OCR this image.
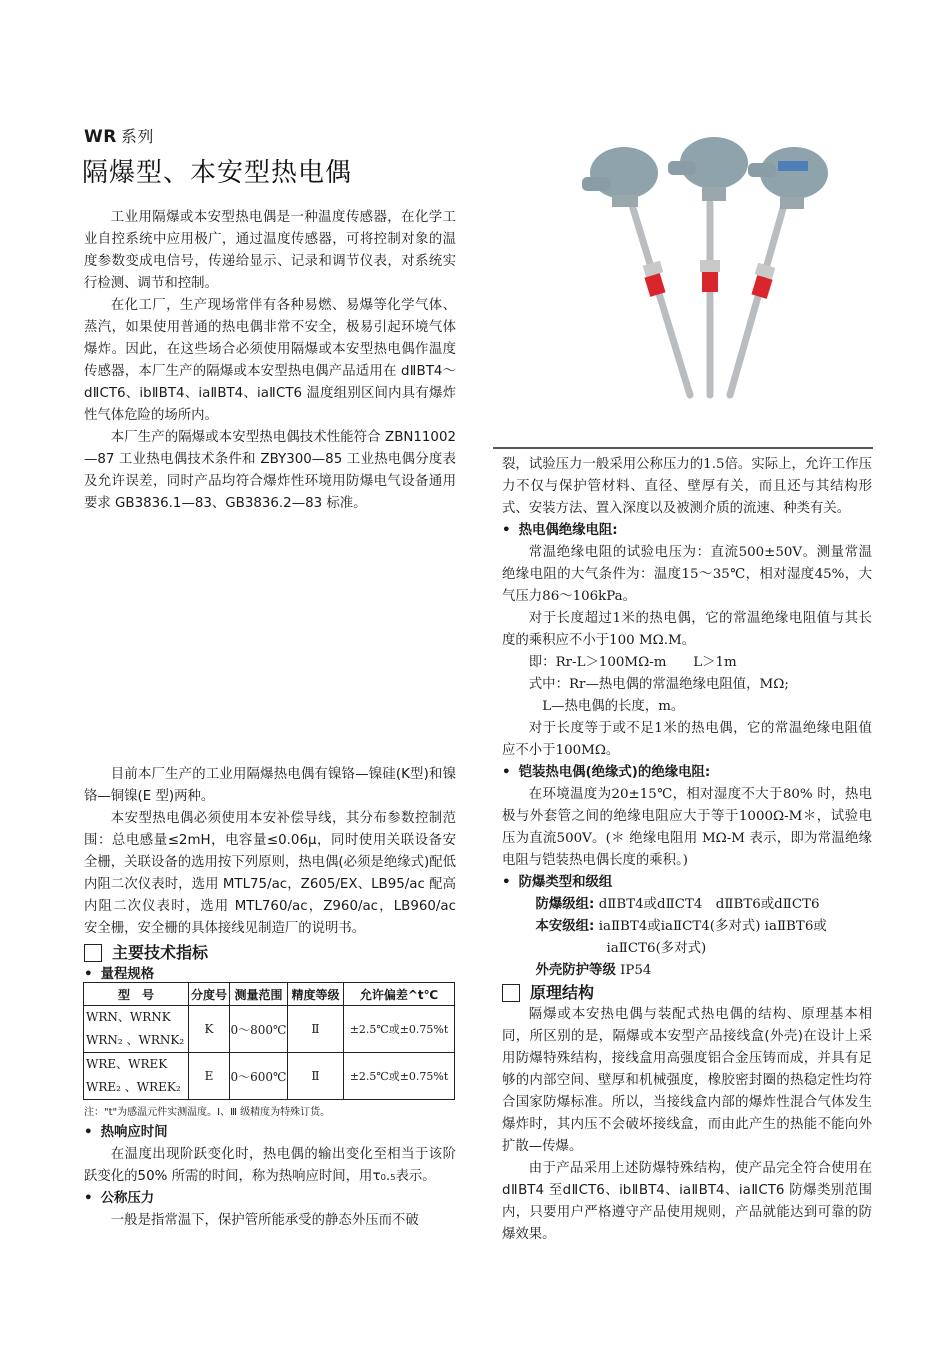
WR 系列
隔爆型、本安型热电偶

工业用隔爆或本安型热电偶是一种温度传感器，在化学工业自控系统中应用极广，通过温度传感器，可将控制对象的温度参数变成电信号，传递给显示、记录和调节仪表，对系统实行检测、调节和控制。

在化工厂，生产现场常伴有各种易燃、易爆等化学气体、蒸汽，如果使用普通的热电偶非常不安全，极易引起环境气体爆炸。因此，在这些场合必须使用隔爆或本安型热电偶作温度传感器，本厂生产的隔爆或本安型热电偶产品适用在 dⅡBT4～dⅡCT6、ibⅡBT4、iaⅡBT4、iaⅡCT6 温度组别区间内具有爆炸性气体危险的场所内。

本厂生产的隔爆或本安型热电偶技术性能符合 ZBN11002—87 工业热电偶技术条件和 ZBY300—85 工业热电偶分度表及允许误差，同时产品均符合爆炸性环境用防爆电气设备通用要求 GB3836.1—83、GB3836.2—83 标准。

目前本厂生产的工业用隔爆热电偶有镍铬—镍硅(K型)和镍铬—铜镍(E 型)两种。

本安型热电偶必须使用本安补偿导线，其分布参数控制范围：总电感量≤2mH，电容量≤0.06μ，同时使用关联设备安全栅，关联设备的选用按下列原则，热电偶(必须是绝缘式)配低内阻二次仪表时，选用 MTL75/ac，Z605/EX、LB95/ac 配高内阻二次仪表时，选用 MTL760/ac，Z960/ac，LB960/ac 安全栅，安全栅的具体接线见制造厂的说明书。

主要技术指标
• 量程规格
型　号	分度号	测量范围	精度等级	允许偏差^t℃

WRN、WRNK
WRN₂ 、WRNK₂	K	0～800℃	Ⅱ	±2.5℃或±0.75%t

WRE、WREK
WRE₂ 、WREK₂	E	0～600℃	Ⅱ	±2.5℃或±0.75%t
注："t"为感温元件实测温度。Ⅰ、Ⅲ 级精度为特殊订货。
• 热响应时间

在温度出现阶跃变化时，热电偶的输出变化至相当于该阶跃变化的50% 所需的时间，称为热响应时间，用τ₀.₅表示。

• 公称压力

一般是指常温下，保护管所能承受的静态外压而不破

裂，试验压力一般采用公称压力的1.5倍。实际上，允许工作压力不仅与保护管材料、直径、壁厚有关，而且还与其结构形式、安装方法、置入深度以及被测介质的流速、种类有关。

• 热电偶绝缘电阻:

常温绝缘电阻的试验电压为：直流500±50V。测量常温绝缘电阻的大气条件为：温度15～35℃，相对湿度45%，大气压力86～106kPa。

对于长度超过1米的热电偶，它的常温绝缘电阻值与其长度的乘积应不小于100 MΩ.M。

即：Rr-L＞100MΩ-m　　L＞1m

式中：Rr—热电偶的常温绝缘电阻值，MΩ;

L—热电偶的长度，m。

对于长度等于或不足1米的热电偶，它的常温绝缘电阻值应不小于100MΩ。

• 铠装热电偶(绝缘式)的绝缘电阻:

在环境温度为20±15℃，相对湿度不大于80% 时，热电极与外套管之间的绝缘电阻应大于等于1000Ω-M＊，试验电压为直流500V。(＊ 绝缘电阻用 MΩ-M 表示，即为常温绝缘电阻与铠装热电偶长度的乘积。)

• 防爆类型和级组

防爆级组: dⅡBT4或dⅡCT4　dⅡBT6或dⅡCT6

本安级组: iaⅡBT4或iaⅡCT4(多对式) iaⅡBT6或

iaⅡCT6(多对式)

外壳防护等级 IP54

原理结构

隔爆或本安热电偶与装配式热电偶的结构、原理基本相同，所区别的是，隔爆或本安型产品接线盒(外壳)在设计上采用防爆特殊结构，接线盒用高强度铝合金压铸而成，并具有足够的内部空间、壁厚和机械强度，橡胶密封圈的热稳定性均符合国家防爆标准。所以，当接线盒内部的爆炸性混合气体发生爆炸时，其内压不会破坏接线盒，而由此产生的热能不能向外扩散—传爆。

由于产品采用上述防爆特殊结构，使产品完全符合使用在 dⅡBT4 至dⅡCT6、ibⅡBT4、iaⅡBT4、iaⅡCT6 防爆类别范围内，只要用户严格遵守产品使用规则，产品就能达到可靠的防爆效果。
